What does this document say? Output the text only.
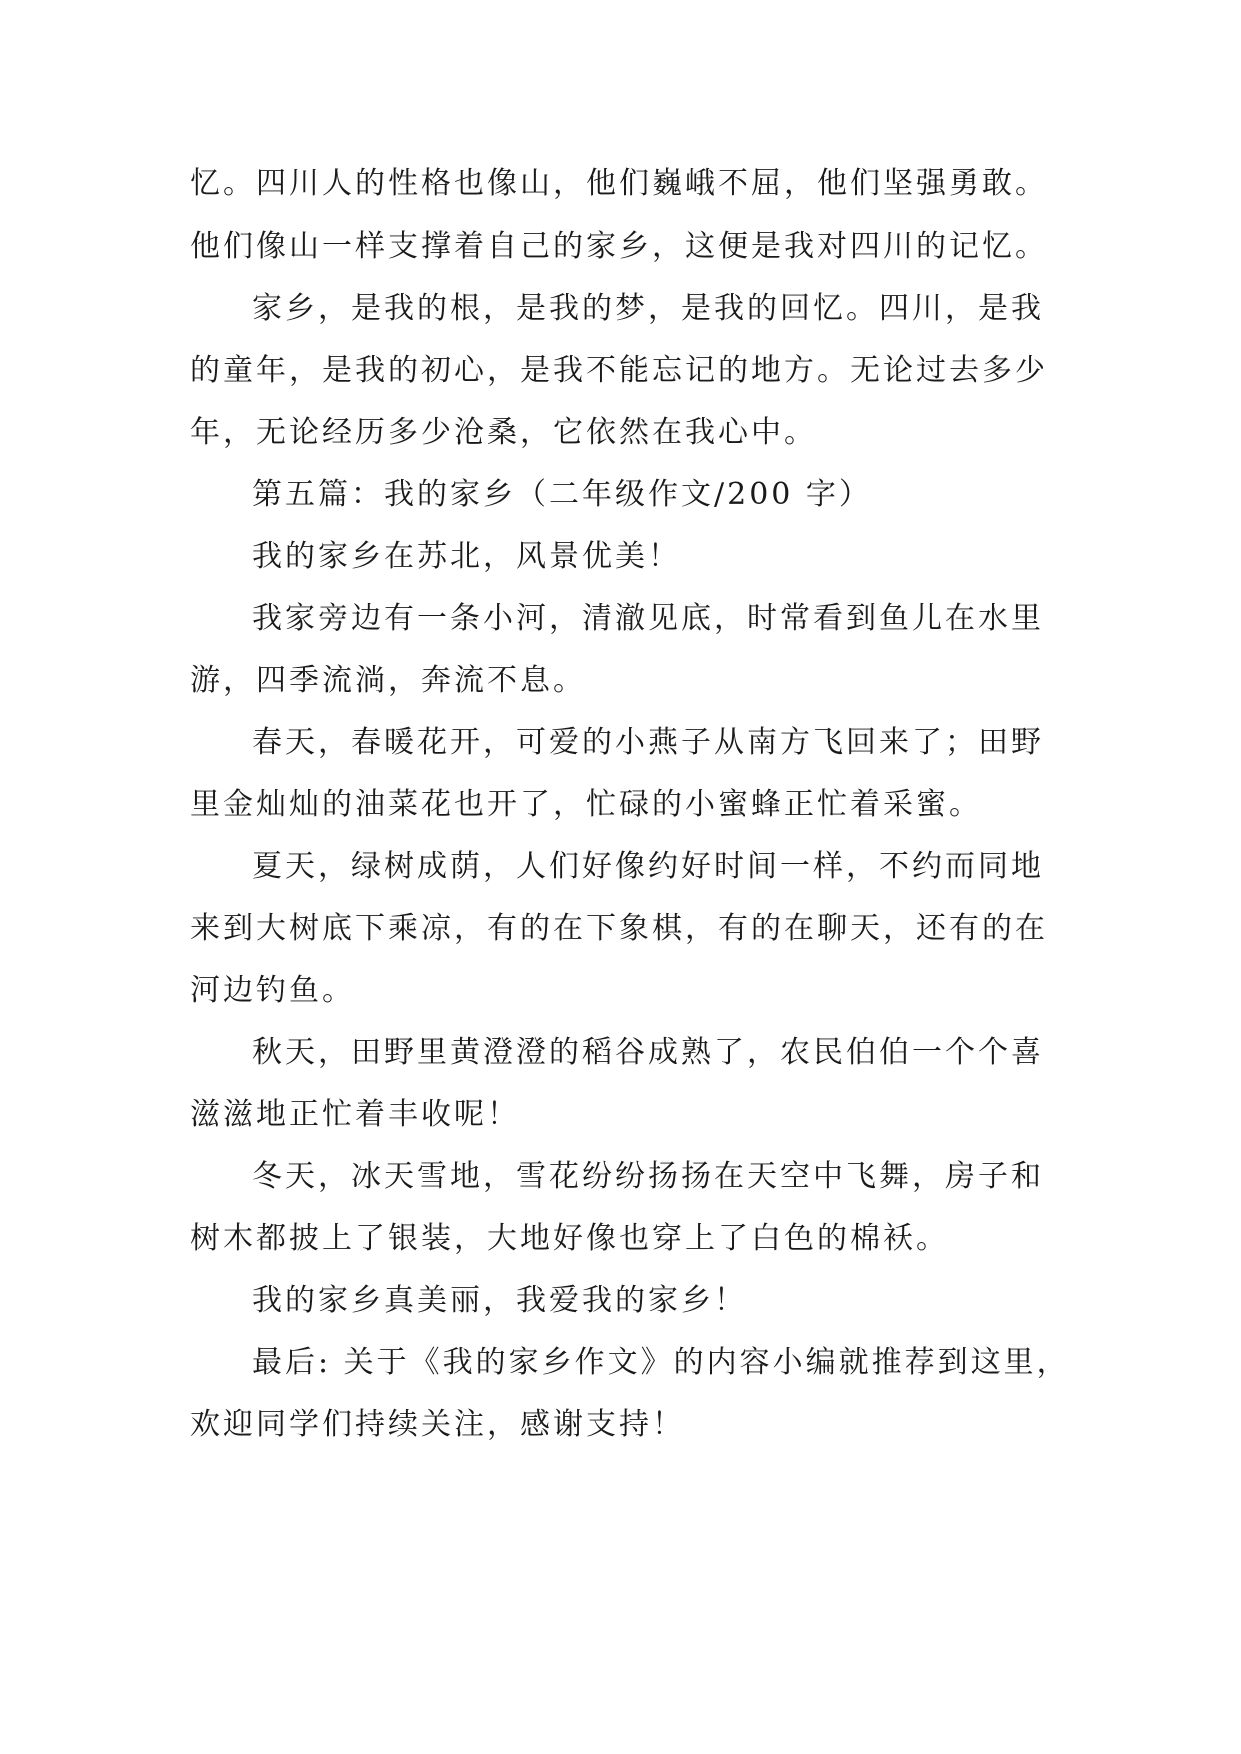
忆。四川人的性格也像山，他们巍峨不屈，他们坚强勇敢。
他们像山一样支撑着自己的家乡，这便是我对四川的记忆。
家乡，是我的根，是我的梦，是我的回忆。四川，是我
的童年，是我的初心，是我不能忘记的地方。无论过去多少
年，无论经历多少沧桑，它依然在我心中。
第五篇：我的家乡（二年级作文/200 字）
我的家乡在苏北，风景优美！
我家旁边有一条小河，清澈见底，时常看到鱼儿在水里
游，四季流淌，奔流不息。
春天，春暖花开，可爱的小燕子从南方飞回来了；田野
里金灿灿的油菜花也开了，忙碌的小蜜蜂正忙着采蜜。
夏天，绿树成荫，人们好像约好时间一样，不约而同地
来到大树底下乘凉，有的在下象棋，有的在聊天，还有的在
河边钓鱼。
秋天，田野里黄澄澄的稻谷成熟了，农民伯伯一个个喜
滋滋地正忙着丰收呢！
冬天，冰天雪地，雪花纷纷扬扬在天空中飞舞，房子和
树木都披上了银装，大地好像也穿上了白色的棉袄。
我的家乡真美丽，我爱我的家乡！
最后: 关于《我的家乡作文》的内容小编就推荐到这里，
欢迎同学们持续关注，感谢支持！
